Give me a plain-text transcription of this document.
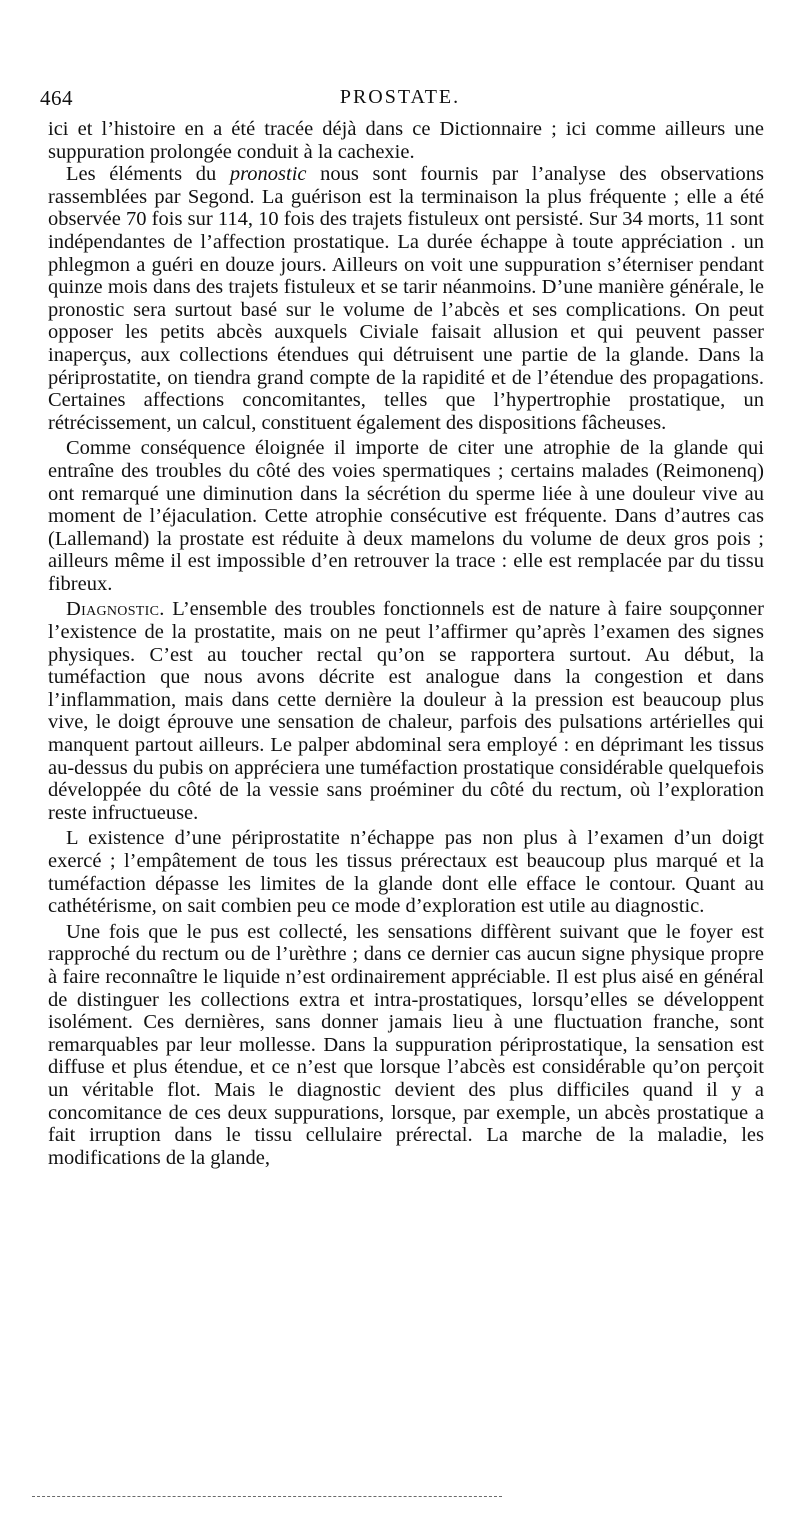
464	PROSTATE.

ici et l’histoire en a été tracée déjà dans ce Dictionnaire ; ici comme ailleurs une suppuration prolongée conduit à la cachexie.

Les éléments du pronostic nous sont fournis par l’analyse des observations rassemblées par Segond. La guérison est la terminaison la plus fréquente ; elle a été observée 70 fois sur 114, 10 fois des trajets fistuleux ont persisté. Sur 34 morts, 11 sont indépendantes de l’affection prostatique. La durée échappe à toute appréciation . un phlegmon a guéri en douze jours. Ailleurs on voit une suppuration s’éterniser pendant quinze mois dans des trajets fistuleux et se tarir néanmoins. D’une manière générale, le pronostic sera surtout basé sur le volume de l’abcès et ses complications. On peut opposer les petits abcès auxquels Civiale faisait allusion et qui peuvent passer inaperçus, aux collections étendues qui détruisent une partie de la glande. Dans la périprostatite, on tiendra grand compte de la rapidité et de l’étendue des propagations. Certaines affections concomitantes, telles que l’hypertrophie prostatique, un rétrécissement, un calcul, constituent également des dispositions fâcheuses.

Comme conséquence éloignée il importe de citer une atrophie de la glande qui entraîne des troubles du côté des voies spermatiques ; certains malades (Reimonenq) ont remarqué une diminution dans la sécrétion du sperme liée à une douleur vive au moment de l’éjaculation. Cette atrophie consécutive est fréquente. Dans d’autres cas (Lallemand) la prostate est réduite à deux mamelons du volume de deux gros pois ; ailleurs même il est impossible d’en retrouver la trace : elle est remplacée par du tissu fibreux.

Diagnostic. L’ensemble des troubles fonctionnels est de nature à faire soupçonner l’existence de la prostatite, mais on ne peut l’affirmer qu’après l’examen des signes physiques. C’est au toucher rectal qu’on se rapportera surtout. Au début, la tuméfaction que nous avons décrite est analogue dans la congestion et dans l’inflammation, mais dans cette dernière la douleur à la pression est beaucoup plus vive, le doigt éprouve une sensation de chaleur, parfois des pulsations artérielles qui manquent partout ailleurs. Le palper abdominal sera employé : en déprimant les tissus au-dessus du pubis on appréciera une tuméfaction prostatique considérable quelquefois développée du côté de la vessie sans proéminer du côté du rectum, où l’exploration reste infructueuse.

L existence d’une périprostatite n’échappe pas non plus à l’examen d’un doigt exercé ; l’empâtement de tous les tissus prérectaux est beaucoup plus marqué et la tuméfaction dépasse les limites de la glande dont elle efface le contour. Quant au cathétérisme, on sait combien peu ce mode d’exploration est utile au diagnostic.

Une fois que le pus est collecté, les sensations diffèrent suivant que le foyer est rapproché du rectum ou de l’urèthre ; dans ce dernier cas aucun signe physique propre à faire reconnaître le liquide n’est ordinairement appréciable. Il est plus aisé en général de distinguer les collections extra et intra-prostatiques, lorsqu’elles se développent isolément. Ces dernières, sans donner jamais lieu à une fluctuation franche, sont remarquables par leur mollesse. Dans la suppuration périprostatique, la sensation est diffuse et plus étendue, et ce n’est que lorsque l’abcès est considérable qu’on perçoit un véritable flot. Mais le diagnostic devient des plus difficiles quand il y a concomitance de ces deux suppurations, lorsque, par exemple, un abcès prostatique a fait irruption dans le tissu cellulaire prérectal. La marche de la maladie, les modifications de la glande,
